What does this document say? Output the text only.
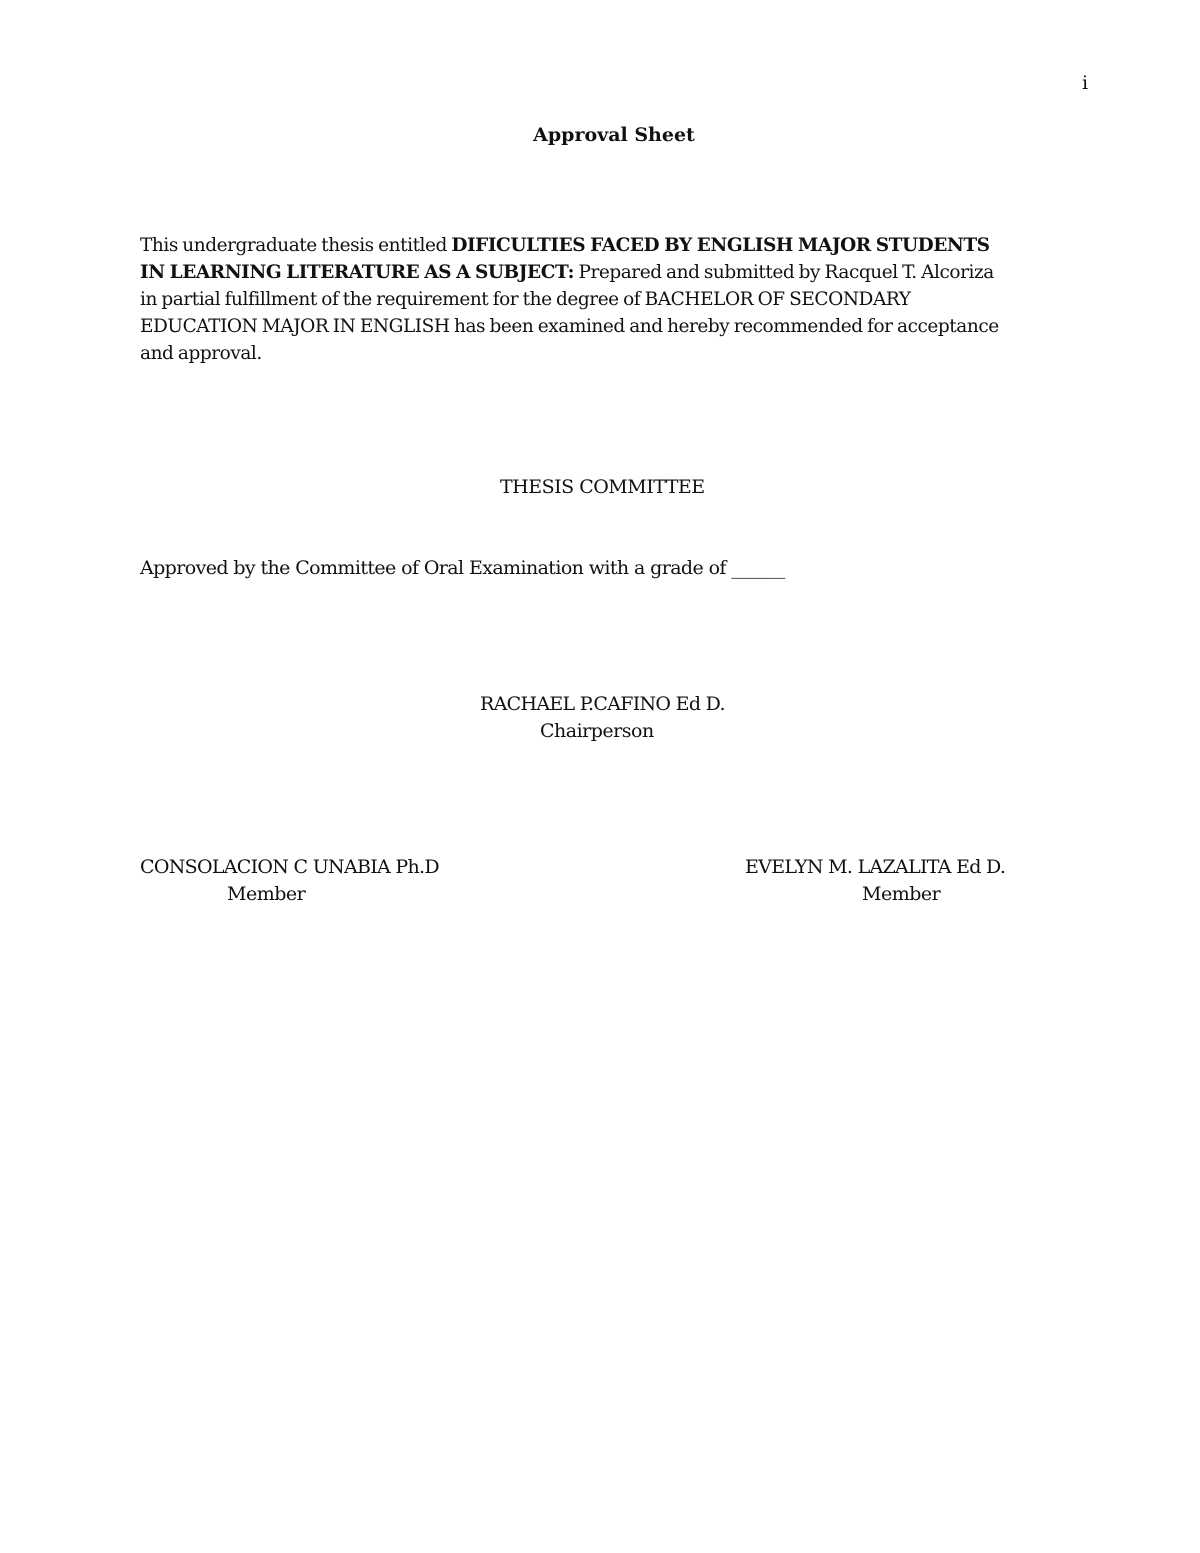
i
Approval Sheet
This undergraduate thesis entitled DIFICULTIES FACED BY ENGLISH MAJOR STUDENTS
IN LEARNING LITERATURE AS A SUBJECT: Prepared and submitted by Racquel T. Alcoriza
in partial fulfillment of the requirement for the degree of BACHELOR OF SECONDARY
EDUCATION MAJOR IN ENGLISH has been examined and hereby recommended for acceptance
and approval.
THESIS COMMITTEE
Approved by the Committee of Oral Examination with a grade of ______
RACHAEL P.CAFINO Ed D.
Chairperson
CONSOLACION C UNABIA Ph.D
Member
EVELYN M. LAZALITA Ed D.
Member
